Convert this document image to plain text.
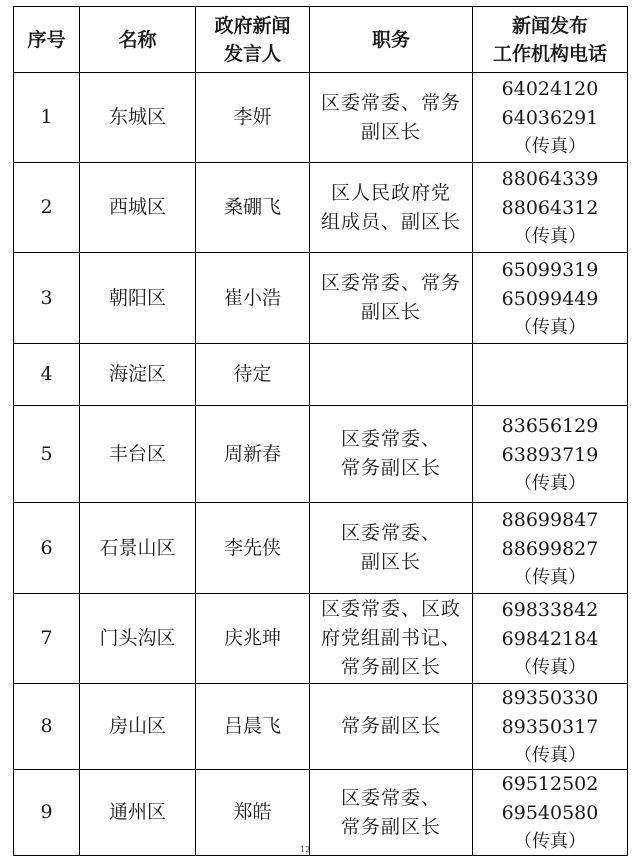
序号	名称	政府新闻
发言人	职务	新闻发布
工作机构电话

1	东城区	李妍	区委常委、常务
副区长	64024120
64036291
（传真）

2	西城区	桑硼飞	区人民政府党
组成员、副区长	88064339
88064312
（传真）

3	朝阳区	崔小浩	区委常委、常务
副区长	65099319
65099449
（传真）

4	海淀区	待定		
5	丰台区	周新春	区委常委、
常务副区长	83656129
63893719
（传真）

6	石景山区	李先侠	区委常委、
副区长	88699847
88699827
（传真）

7	门头沟区	庆兆珅	区委常委、区政
府党组副书记、
常务副区长	69833842
69842184
（传真）

8	房山区	吕晨飞	常务副区长	89350330
89350317
（传真）

9	通州区	郑皓	区委常委、
常务副区长	69512502
69540580
（传真）
12
